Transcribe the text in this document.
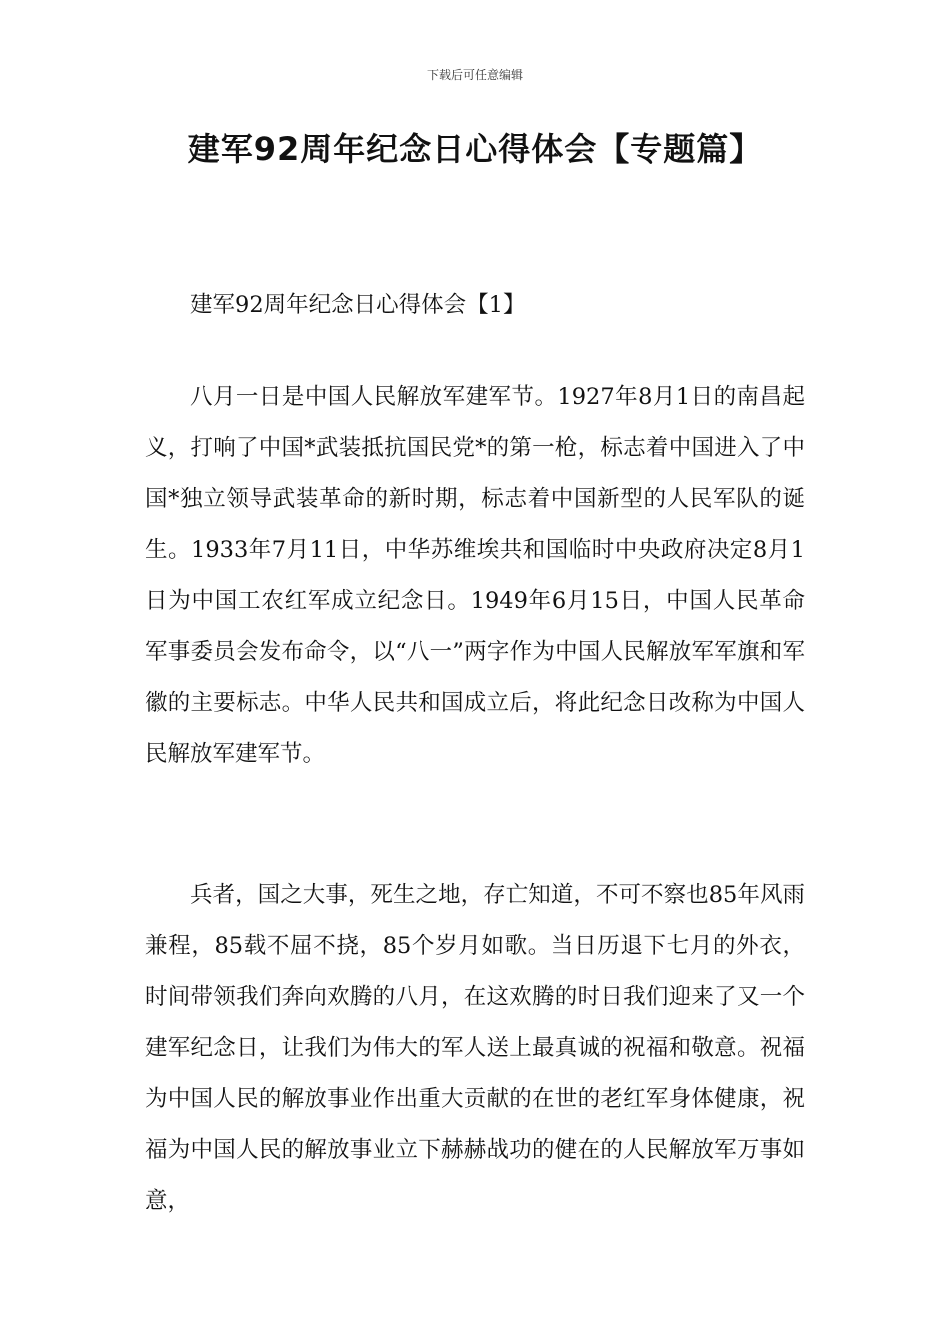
下载后可任意编辑
建军92周年纪念日心得体会【专题篇】

建军92周年纪念日心得体会【1】

八月一日是中国人民解放军建军节。1927年8月1日的南昌起义，打响了中国*武装抵抗国民党*的第一枪，标志着中国进入了中国*独立领导武装革命的新时期，标志着中国新型的人民军队的诞生。1933年7月11日，中华苏维埃共和国临时中央政府决定8月1日为中国工农红军成立纪念日。1949年6月15日，中国人民革命军事委员会发布命令，以“八一”两字作为中国人民解放军军旗和军徽的主要标志。中华人民共和国成立后，将此纪念日改称为中国人民解放军建军节。

兵者，国之大事，死生之地，存亡知道，不可不察也85年风雨兼程，85载不屈不挠，85个岁月如歌。当日历退下七月的外衣，时间带领我们奔向欢腾的八月，在这欢腾的时日我们迎来了又一个建军纪念日，让我们为伟大的军人送上最真诚的祝福和敬意。祝福为中国人民的解放事业作出重大贡献的在世的老红军身体健康，祝福为中国人民的解放事业立下赫赫战功的健在的人民解放军万事如意，
